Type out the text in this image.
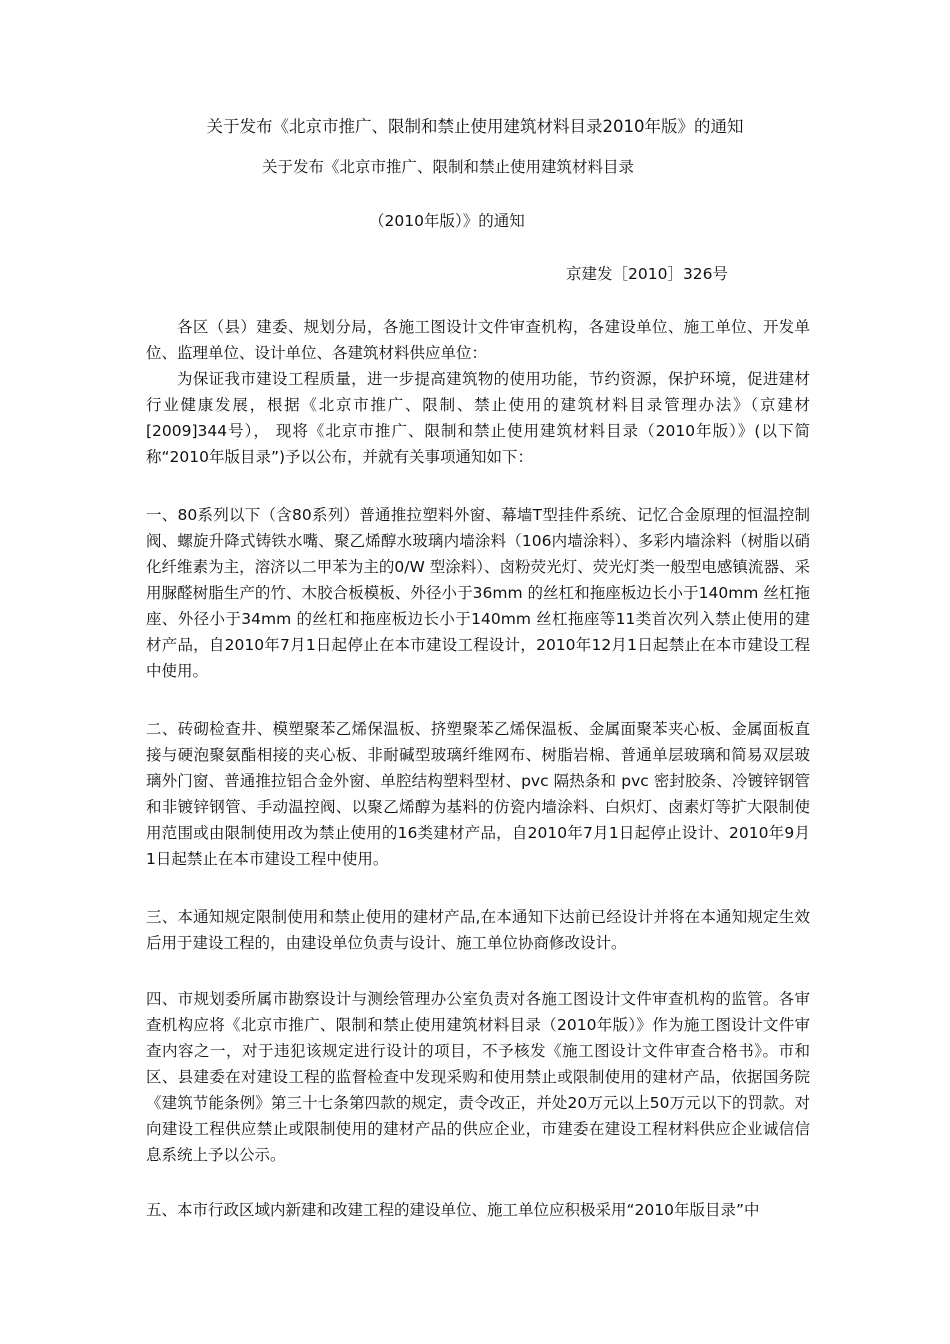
关于发布《北京市推广、限制和禁止使用建筑材料目录2010年版》的通知
关于发布《北京市推广、限制和禁止使用建筑材料目录
（2010年版）》的通知
京建发［2010］326号
各区（县）建委、规划分局，各施工图设计文件审查机构，各建设单位、施工单位、开发单位、监理单位、设计单位、各建筑材料供应单位：
为保证我市建设工程质量，进一步提高建筑物的使用功能，节约资源，保护环境，促进建材行业健康发展，根据《北京市推广、限制、禁止使用的建筑材料目录管理办法》（京建材[2009]344号）， 现将《北京市推广、限制和禁止使用建筑材料目录（2010年版）》(以下简称“2010年版目录”)予以公布，并就有关事项通知如下：
一、80系列以下（含80系列）普通推拉塑料外窗、幕墙T型挂件系统、记忆合金原理的恒温控制阀、螺旋升降式铸铁水嘴、聚乙烯醇水玻璃内墙涂料（106内墙涂料）、多彩内墙涂料（树脂以硝化纤维素为主，溶济以二甲苯为主的0/W 型涂料）、卤粉荧光灯、荧光灯类一般型电感镇流器、采用脲醛树脂生产的竹、木胶合板模板、外径小于36mm 的丝杠和拖座板边长小于140mm 丝杠拖座、外径小于34mm 的丝杠和拖座板边长小于140mm 丝杠拖座等11类首次列入禁止使用的建材产品，自2010年7月1日起停止在本市建设工程设计，2010年12月1日起禁止在本市建设工程中使用。
二、砖砌检查井、模塑聚苯乙烯保温板、挤塑聚苯乙烯保温板、金属面聚苯夹心板、金属面板直接与硬泡聚氨酯相接的夹心板、非耐碱型玻璃纤维网布、树脂岩棉、普通单层玻璃和简易双层玻璃外门窗、普通推拉铝合金外窗、单腔结构塑料型材、pvc 隔热条和 pvc 密封胶条、冷镀锌钢管和非镀锌钢管、手动温控阀、以聚乙烯醇为基料的仿瓷内墙涂料、白炽灯、卤素灯等扩大限制使用范围或由限制使用改为禁止使用的16类建材产品，自2010年7月1日起停止设计、2010年9月1日起禁止在本市建设工程中使用。
三、本通知规定限制使用和禁止使用的建材产品,在本通知下达前已经设计并将在本通知规定生效后用于建设工程的，由建设单位负责与设计、施工单位协商修改设计。
四、市规划委所属市勘察设计与测绘管理办公室负责对各施工图设计文件审查机构的监管。各审查机构应将《北京市推广、限制和禁止使用建筑材料目录（2010年版）》作为施工图设计文件审查内容之一，对于违犯该规定进行设计的项目，不予核发《施工图设计文件审查合格书》。市和区、县建委在对建设工程的监督检查中发现采购和使用禁止或限制使用的建材产品，依据国务院《建筑节能条例》第三十七条第四款的规定，责令改正，并处20万元以上50万元以下的罚款。对向建设工程供应禁止或限制使用的建材产品的供应企业，市建委在建设工程材料供应企业诚信信息系统上予以公示。
五、本市行政区域内新建和改建工程的建设单位、施工单位应积极采用“2010年版目录”中
